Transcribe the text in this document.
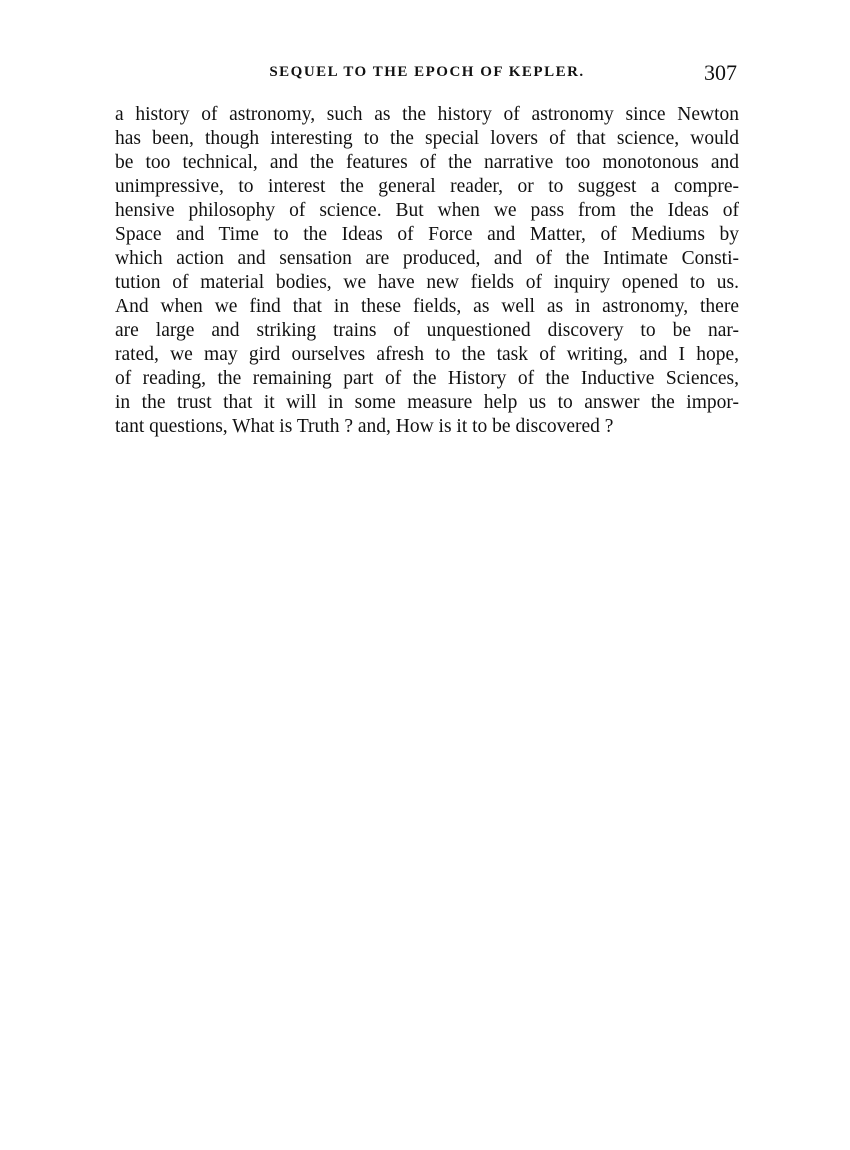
SEQUEL TO THE EPOCH OF KEPLER.	307

a history of astronomy, such as the history of astronomy since Newton
has been, though interesting to the special lovers of that science, would
be too technical, and the features of the narrative too monotonous and
unimpressive, to interest the general reader, or to suggest a compre-
hensive philosophy of science. But when we pass from the Ideas of
Space and Time to the Ideas of Force and Matter, of Mediums by
which action and sensation are produced, and of the Intimate Consti-
tution of material bodies, we have new fields of inquiry opened to us.
And when we find that in these fields, as well as in astronomy, there
are large and striking trains of unquestioned discovery to be nar-
rated, we may gird ourselves afresh to the task of writing, and I hope,
of reading, the remaining part of the History of the Inductive Sciences,
in the trust that it will in some measure help us to answer the impor-
tant questions, What is Truth ? and, How is it to be discovered ?
